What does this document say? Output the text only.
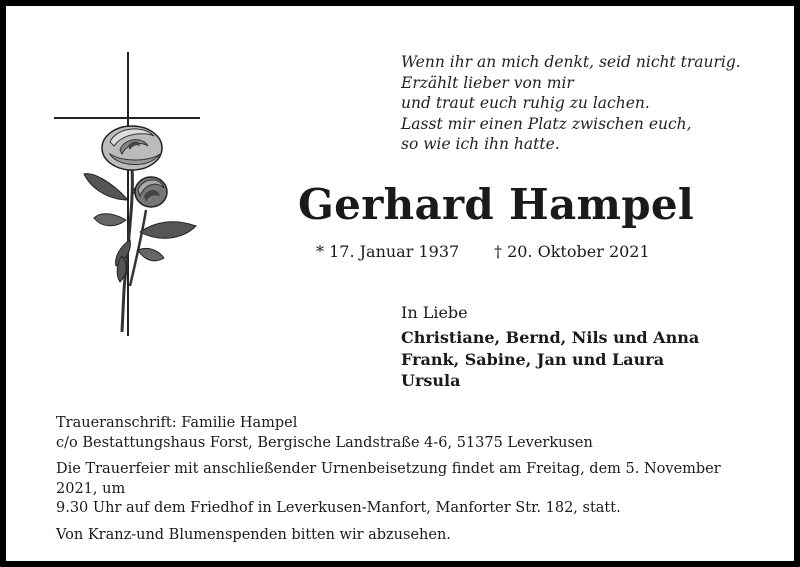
Wenn ihr an mich denkt, seid nicht traurig.
Erzählt lieber von mir
und traut euch ruhig zu lachen.
Lasst mir einen Platz zwischen euch,
so wie ich ihn hatte.
Gerhard Hampel
* 17. Januar 1937 † 20. Oktober 2021
In Liebe
Christiane, Bernd, Nils und Anna
Frank, Sabine, Jan und Laura
Ursula

Traueranschrift: Familie Hampel

c/o Bestattungshaus Forst, Bergische Landstraße 4-6, 51375 Leverkusen

Die Trauerfeier mit anschließender Urnenbeisetzung findet am Freitag, dem 5. November 2021, um

9.30 Uhr auf dem Friedhof in Leverkusen-Manfort, Manforter Str. 182, statt.

Von Kranz-und Blumenspenden bitten wir abzusehen.
